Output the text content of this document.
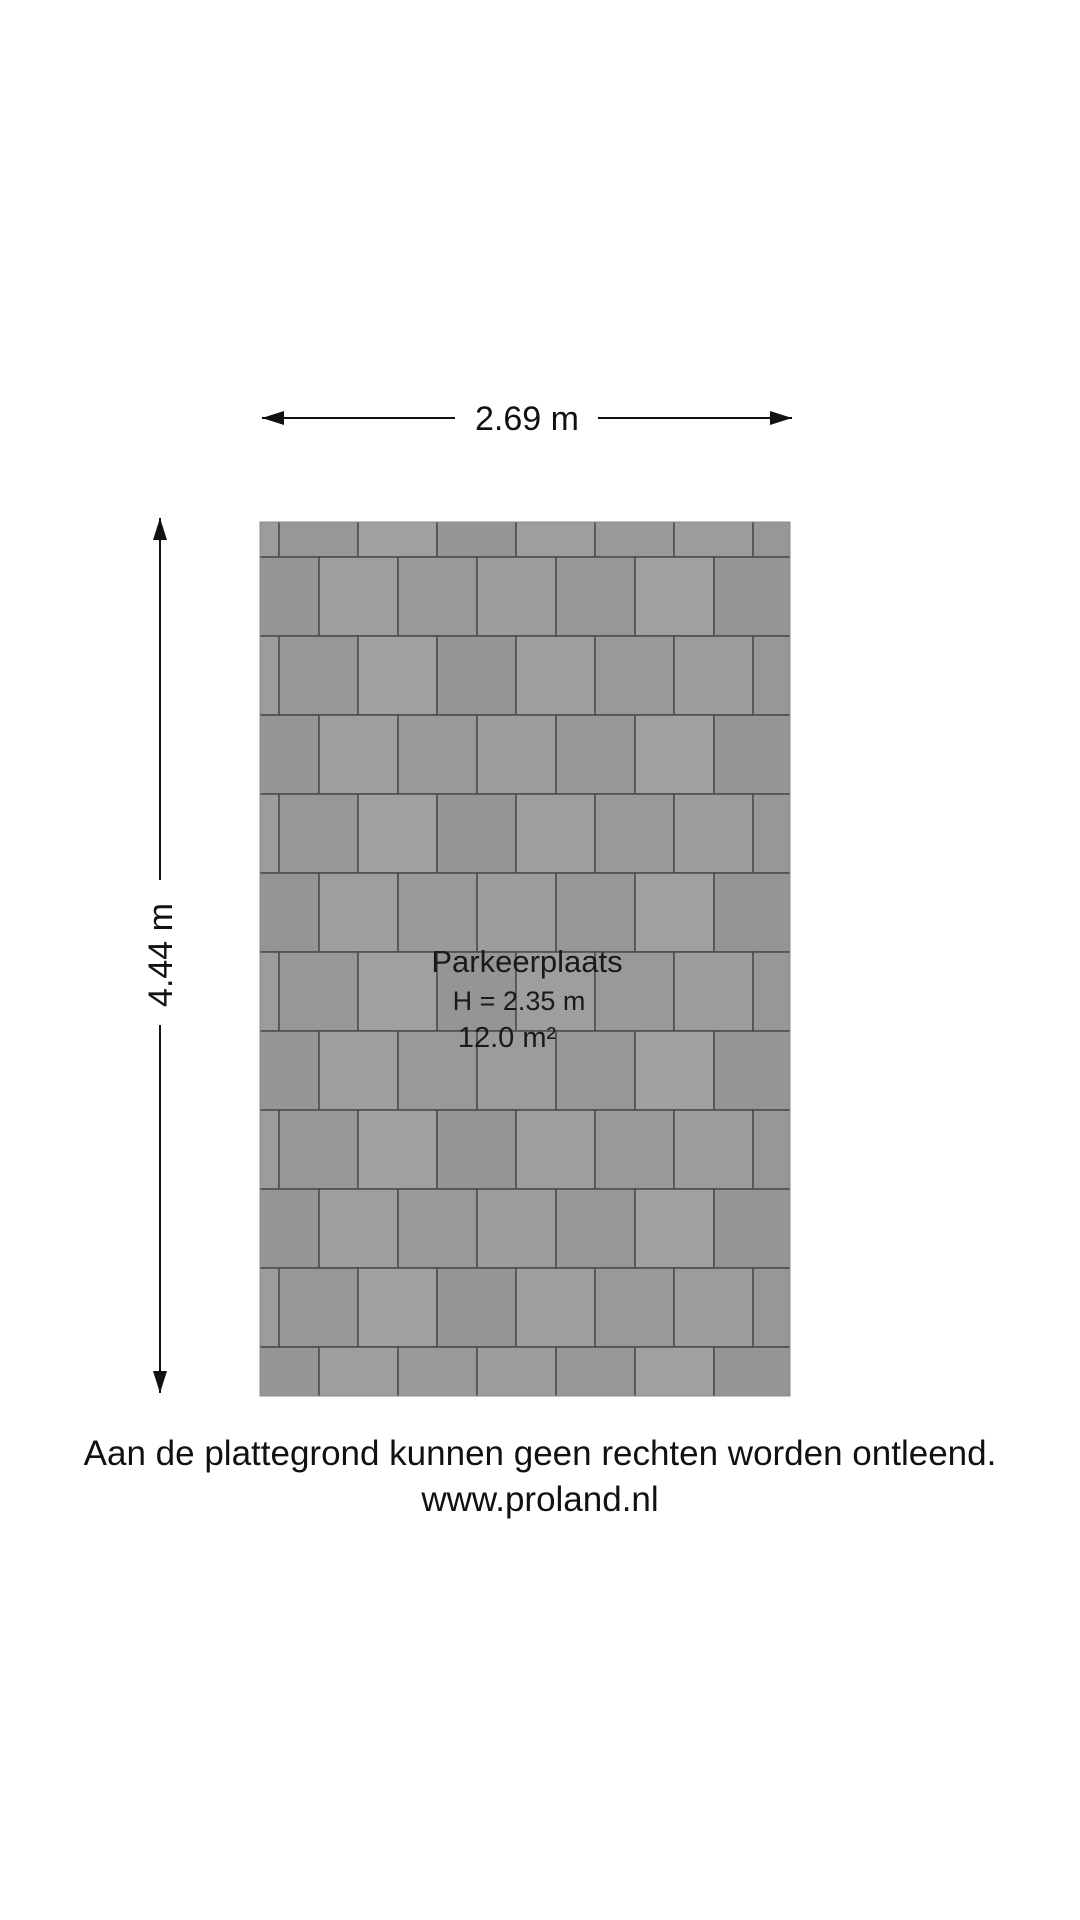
2.69 m
4.44 m	Parkeerplaats
H = 2.35 m
12.0 m²
Aan de plattegrond kunnen geen rechten worden ontleend.
www.proland.nl
